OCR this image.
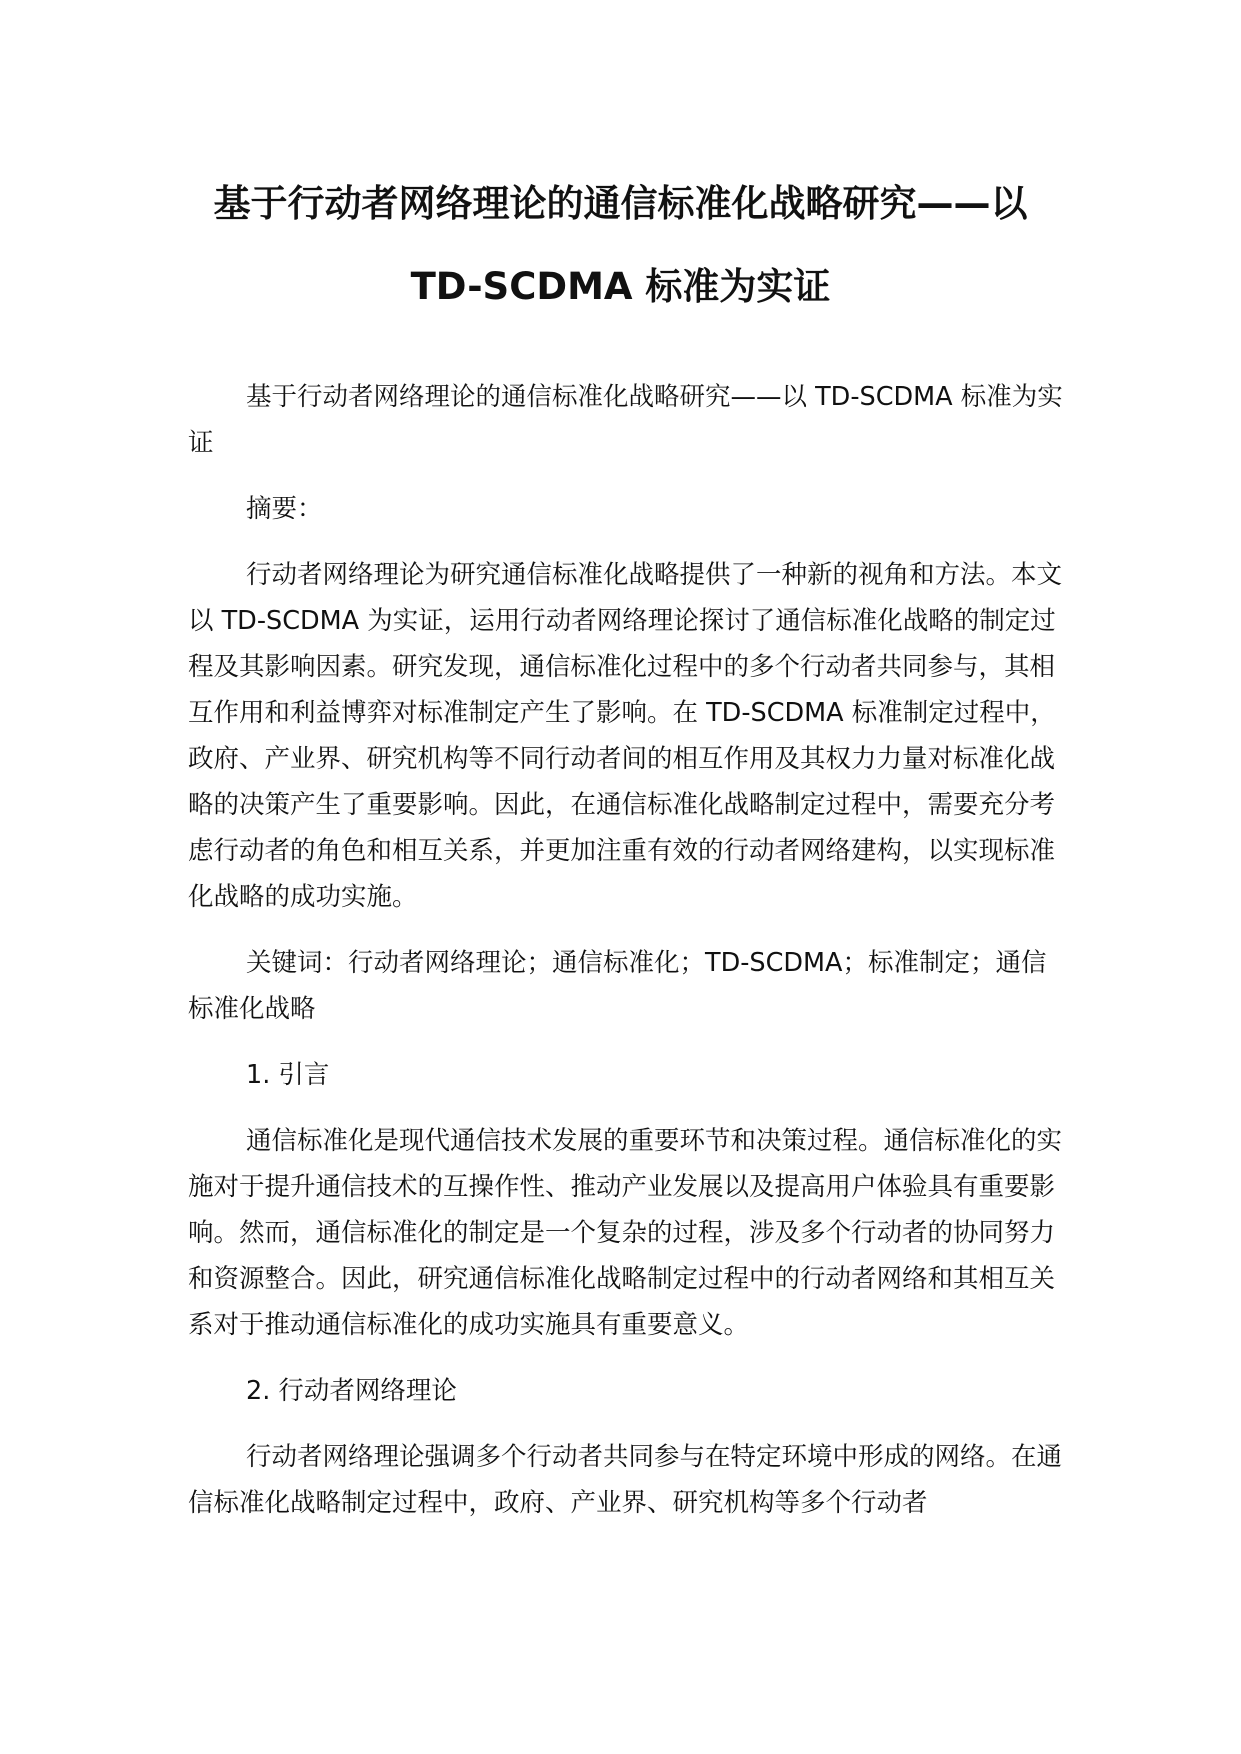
基于行动者网络理论的通信标准化战略研究——以
TD-SCDMA 标准为实证

基于行动者网络理论的通信标准化战略研究——以 TD-SCDMA 标准为实证

摘要：

行动者网络理论为研究通信标准化战略提供了一种新的视角和方法。本文以 TD-SCDMA 为实证，运用行动者网络理论探讨了通信标准化战略的制定过程及其影响因素。研究发现，通信标准化过程中的多个行动者共同参与，其相互作用和利益博弈对标准制定产生了影响。在 TD-SCDMA 标准制定过程中，政府、产业界、研究机构等不同行动者间的相互作用及其权力力量对标准化战略的决策产生了重要影响。因此，在通信标准化战略制定过程中，需要充分考虑行动者的角色和相互关系，并更加注重有效的行动者网络建构，以实现标准化战略的成功实施。

关键词：行动者网络理论；通信标准化；TD-SCDMA；标准制定；通信标准化战略

1. 引言

通信标准化是现代通信技术发展的重要环节和决策过程。通信标准化的实施对于提升通信技术的互操作性、推动产业发展以及提高用户体验具有重要影响。然而，通信标准化的制定是一个复杂的过程，涉及多个行动者的协同努力和资源整合。因此，研究通信标准化战略制定过程中的行动者网络和其相互关系对于推动通信标准化的成功实施具有重要意义。

2. 行动者网络理论

行动者网络理论强调多个行动者共同参与在特定环境中形成的网络。在通信标准化战略制定过程中，政府、产业界、研究机构等多个行动者
